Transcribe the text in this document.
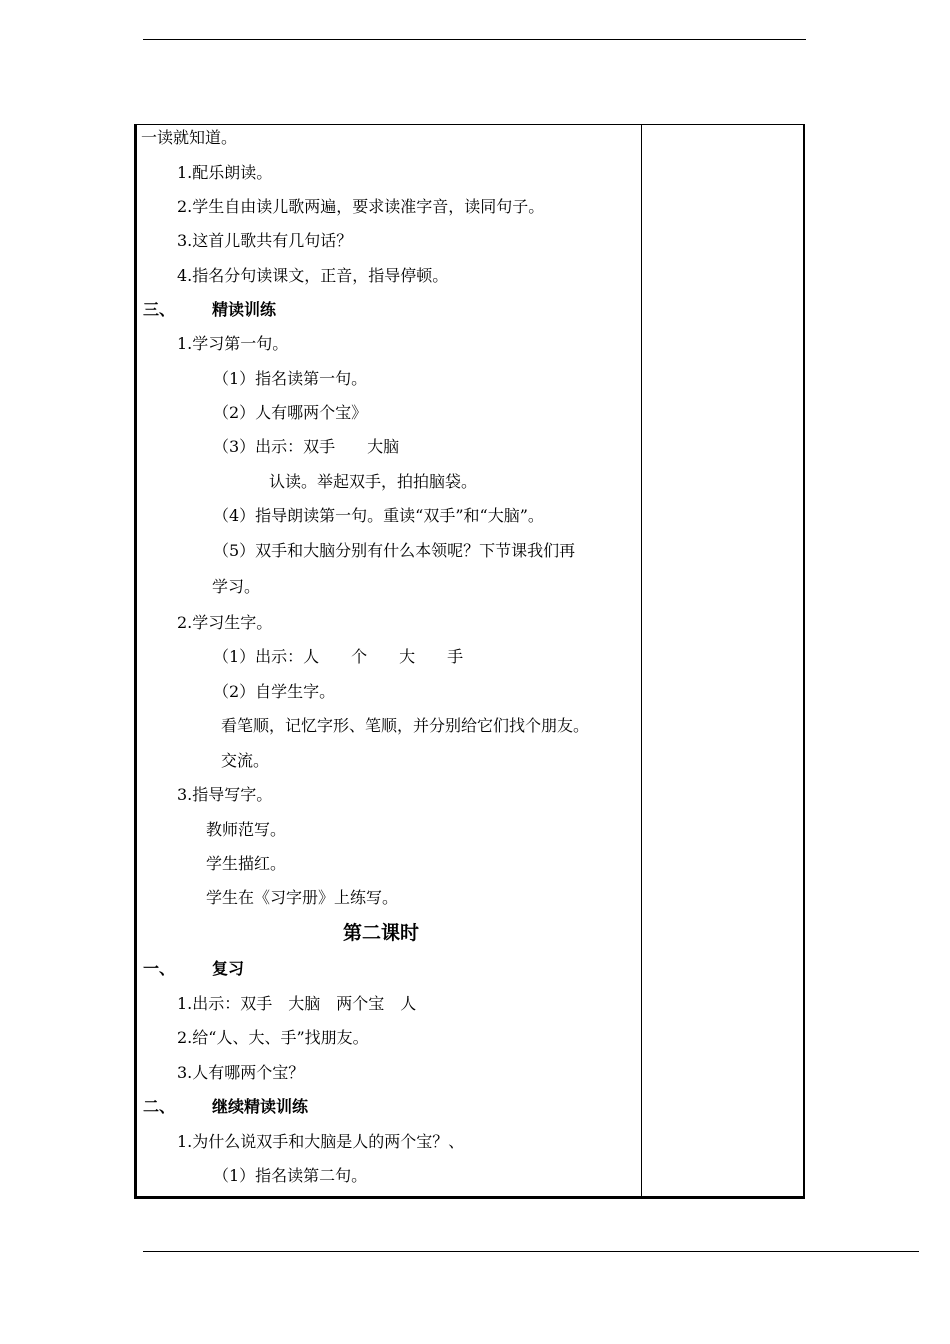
一读就知道。
1.配乐朗读。
2.学生自由读儿歌两遍，要求读准字音，读同句子。
3.这首儿歌共有几句话？
4.指名分句读课文，正音，指导停顿。
三、 精读训练
1.学习第一句。
（1）指名读第一句。
（2）人有哪两个宝》
（3）出示：双手　　大脑
认读。举起双手，拍拍脑袋。
（4）指导朗读第一句。重读“双手”和“大脑”。
（5）双手和大脑分别有什么本领呢？下节课我们再
学习。
2.学习生字。
（1）出示：人　　个　　大　　手
（2）自学生字。
看笔顺，记忆字形、笔顺，并分别给它们找个朋友。
交流。
3.指导写字。
教师范写。
学生描红。
学生在《习字册》上练写。
第二课时
一、 复习
1.出示：双手　大脑　两个宝　人
2.给“人、大、手”找朋友。
3.人有哪两个宝？
二、 继续精读训练
1.为什么说双手和大脑是人的两个宝？、
（1）指名读第二句。
